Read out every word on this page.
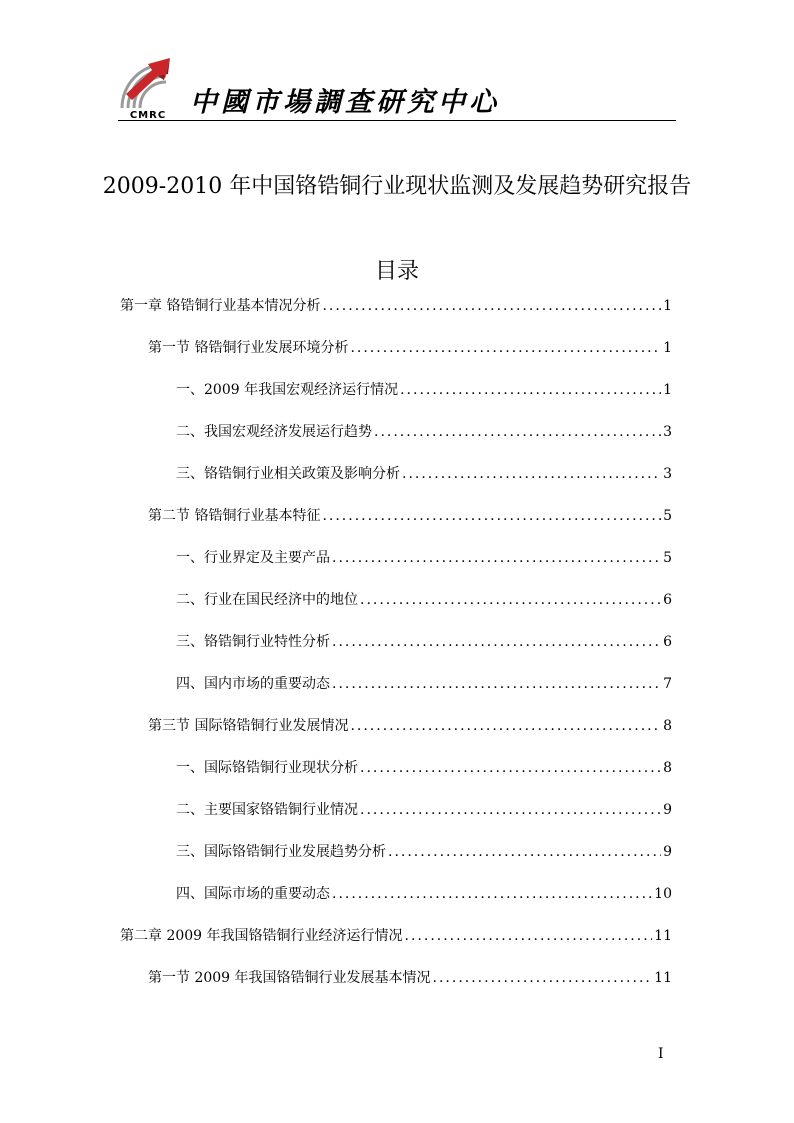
CMRC 中國市場調查研究中心
2009-2010 年中国铬锆铜行业现状监测及发展趋势研究报告
目录
第一章 铬锆铜行业基本情况分析 .....	1
第一节 铬锆铜行业发展环境分析 .....	1
一、2009 年我国宏观经济运行情况 .....	1
二、我国宏观经济发展运行趋势 .....	3
三、铬锆铜行业相关政策及影响分析 .....	3
第二节 铬锆铜行业基本特征 .....	5
一、行业界定及主要产品 .....	5
二、行业在国民经济中的地位 .....	6
三、铬锆铜行业特性分析 .....	6
四、国内市场的重要动态 .....	7
第三节 国际铬锆铜行业发展情况 .....	8
一、国际铬锆铜行业现状分析 .....	8
二、主要国家铬锆铜行业情况 .....	9
三、国际铬锆铜行业发展趋势分析 .....	9
四、国际市场的重要动态 .....	10
第二章 2009 年我国铬锆铜行业经济运行情况 .....	11
第一节 2009 年我国铬锆铜行业发展基本情况 .....	11
I
